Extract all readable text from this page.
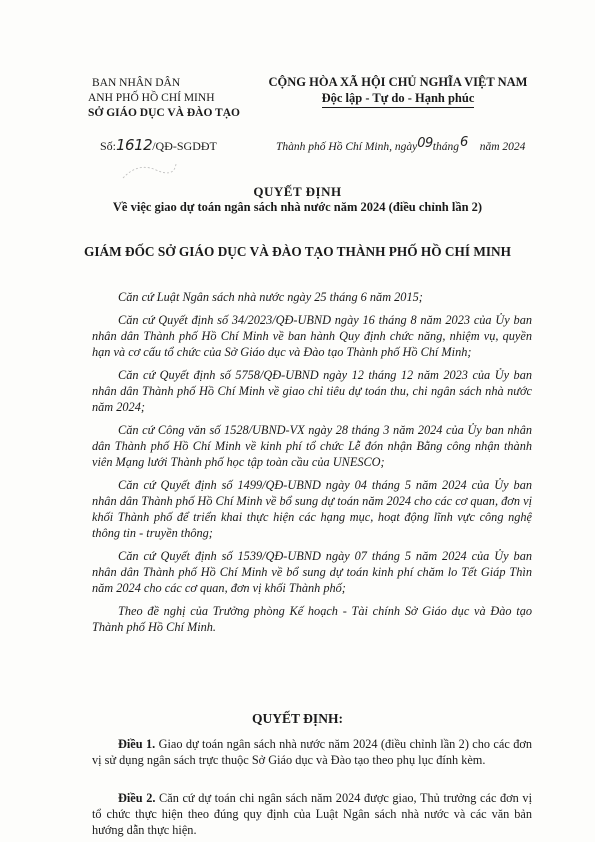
BAN NHÂN DÂN
ANH PHỐ HỒ CHÍ MINH
SỞ GIÁO DỤC VÀ ĐÀO TẠO
CỘNG HÒA XÃ HỘI CHỦ NGHĨA VIỆT NAM
Độc lập - Tự do - Hạnh phúc
Số:1612/QĐ-SGDĐT	Thành phố Hồ Chí Minh, ngày09tháng6 năm 2024
QUYẾT ĐỊNH
Về việc giao dự toán ngân sách nhà nước năm 2024 (điều chỉnh lần 2)
GIÁM ĐỐC SỞ GIÁO DỤC VÀ ĐÀO TẠO THÀNH PHỐ HỒ CHÍ MINH

Căn cứ Luật Ngân sách nhà nước ngày 25 tháng 6 năm 2015;

Căn cứ Quyết định số 34/2023/QĐ-UBND ngày 16 tháng 8 năm 2023 của Ủy ban nhân dân Thành phố Hồ Chí Minh về ban hành Quy định chức năng, nhiệm vụ, quyền hạn và cơ cấu tổ chức của Sở Giáo dục và Đào tạo Thành phố Hồ Chí Minh;

Căn cứ Quyết định số 5758/QĐ-UBND ngày 12 tháng 12 năm 2023 của Ủy ban nhân dân Thành phố Hồ Chí Minh về giao chỉ tiêu dự toán thu, chi ngân sách nhà nước năm 2024;

Căn cứ Công văn số 1528/UBND-VX ngày 28 tháng 3 năm 2024 của Ủy ban nhân dân Thành phố Hồ Chí Minh về kinh phí tổ chức Lễ đón nhận Bằng công nhận thành viên Mạng lưới Thành phố học tập toàn cầu của UNESCO;

Căn cứ Quyết định số 1499/QĐ-UBND ngày 04 tháng 5 năm 2024 của Ủy ban nhân dân Thành phố Hồ Chí Minh về bổ sung dự toán năm 2024 cho các cơ quan, đơn vị khối Thành phố để triển khai thực hiện các hạng mục, hoạt động lĩnh vực công nghệ thông tin - truyền thông;

Căn cứ Quyết định số 1539/QĐ-UBND ngày 07 tháng 5 năm 2024 của Ủy ban nhân dân Thành phố Hồ Chí Minh về bổ sung dự toán kinh phí chăm lo Tết Giáp Thìn năm 2024 cho các cơ quan, đơn vị khối Thành phố;

Theo đề nghị của Trưởng phòng Kế hoạch - Tài chính Sở Giáo dục và Đào tạo Thành phố Hồ Chí Minh.

QUYẾT ĐỊNH:

Điều 1. Giao dự toán ngân sách nhà nước năm 2024 (điều chỉnh lần 2) cho các đơn vị sử dụng ngân sách trực thuộc Sở Giáo dục và Đào tạo theo phụ lục đính kèm.

Điều 2. Căn cứ dự toán chi ngân sách năm 2024 được giao, Thủ trưởng các đơn vị tổ chức thực hiện theo đúng quy định của Luật Ngân sách nhà nước và các văn bản hướng dẫn thực hiện.
